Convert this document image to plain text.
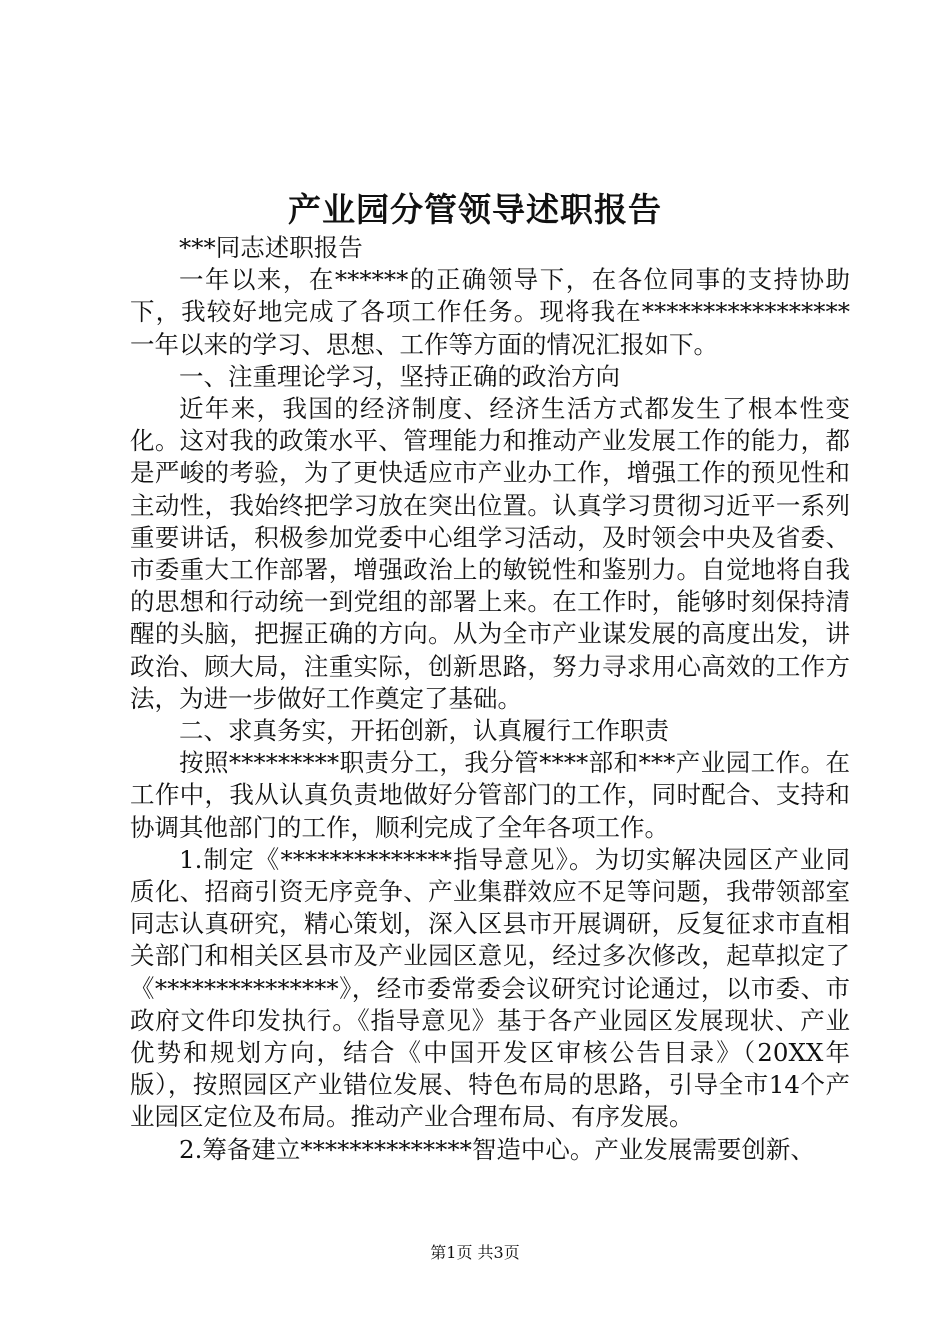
产业园分管领导述职报告

***同志述职报告

一年以来，在******的正确领导下，在各位同事的支持协助下，我较好地完成了各项工作任务。现将我在*****************一年以来的学习、思想、工作等方面的情况汇报如下。

一、注重理论学习，坚持正确的政治方向

近年来，我国的经济制度、经济生活方式都发生了根本性变化。这对我的政策水平、管理能力和推动产业发展工作的能力，都是严峻的考验，为了更快适应市产业办工作，增强工作的预见性和主动性，我始终把学习放在突出位置。认真学习贯彻习近平一系列重要讲话，积极参加党委中心组学习活动，及时领会中央及省委、市委重大工作部署，增强政治上的敏锐性和鉴别力。自觉地将自我的思想和行动统一到党组的部署上来。在工作时，能够时刻保持清醒的头脑，把握正确的方向。从为全市产业谋发展的高度出发，讲政治、顾大局，注重实际，创新思路，努力寻求用心高效的工作方法，为进一步做好工作奠定了基础。

二、求真务实，开拓创新，认真履行工作职责

按照*********职责分工，我分管****部和***产业园工作。在工作中，我从认真负责地做好分管部门的工作，同时配合、支持和协调其他部门的工作，顺利完成了全年各项工作。

1.制定《**************指导意见》。为切实解决园区产业同质化、招商引资无序竞争、产业集群效应不足等问题，我带领部室同志认真研究，精心策划，深入区县市开展调研，反复征求市直相关部门和相关区县市及产业园区意见，经过多次修改，起草拟定了《***************》，经市委常委会议研究讨论通过，以市委、市政府文件印发执行。《指导意见》基于各产业园区发展现状、产业优势和规划方向，结合《中国开发区审核公告目录》（20XX年版），按照园区产业错位发展、特色布局的思路，引导全市14个产业园区定位及布局。推动产业合理布局、有序发展。

2.筹备建立**************智造中心。产业发展需要创新、

第1页 共3页
